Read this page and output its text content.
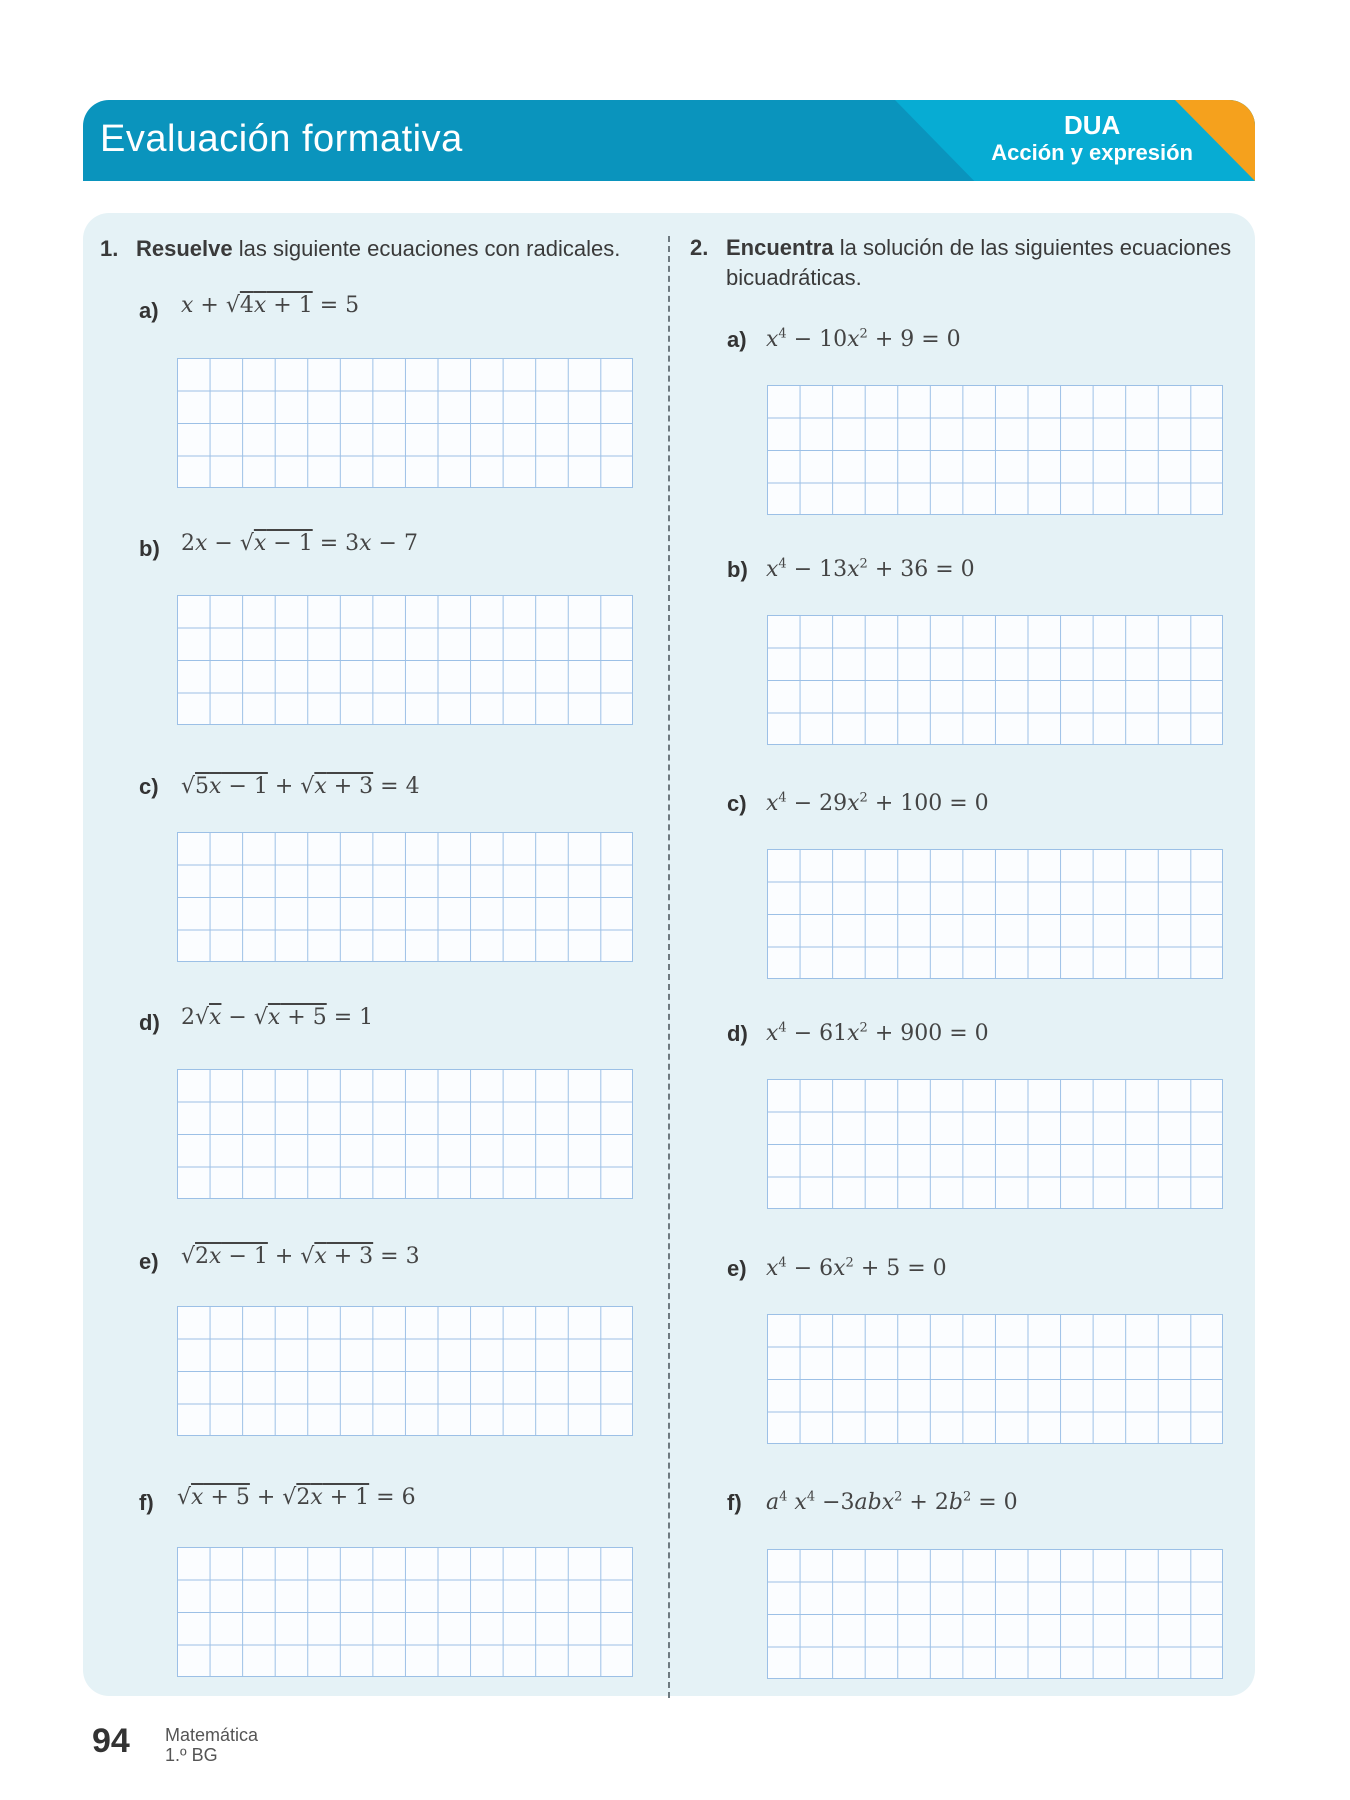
Evaluación formativa	DUA
Acción y expresión
1. Resuelve las siguiente ecuaciones con radicales.
a) x + √4x + 1 = 5
b) 2x − √x − 1 = 3x − 7
c) √5x − 1 + √x + 3 = 4
d) 2√x − √x + 5 = 1
e) √2x − 1 + √x + 3 = 3
f) √x + 5 + √2x + 1 = 6
2. Encuentra la solución de las siguientes ecuaciones
bicuadráticas.
a) $x^4 - 10x^2 + 9 = 0$
b) $x^4 - 13x^2 + 36 = 0$
c) $x^4 - 29x^2 + 100 = 0$
d) $x^4 - 61x^2 + 900 = 0$
e) $x^4 - 6x^2 + 5 = 0$
f) $a^4$ $x^4 -3abx^2 + 2b^2 = 0$
94 Matemática
1.º BG
